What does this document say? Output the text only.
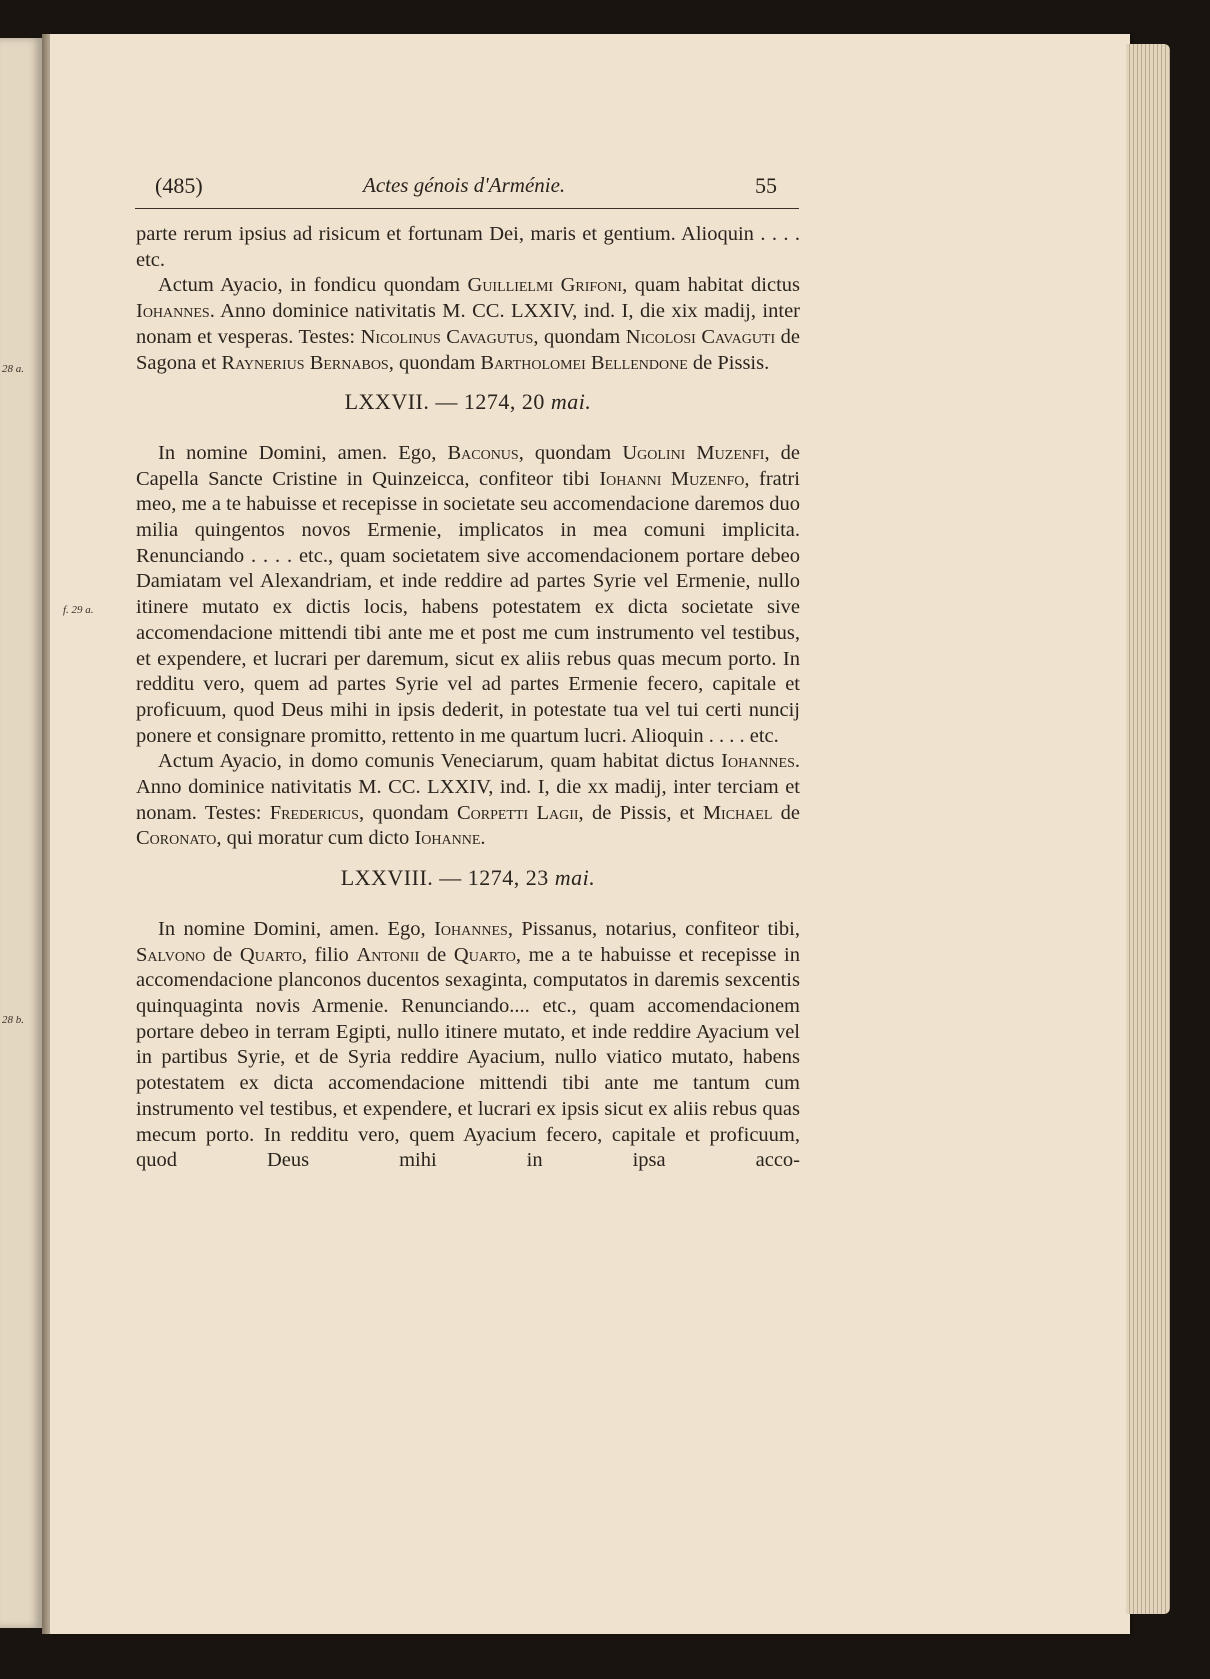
28 a.
f. 29 a.
28 b.
(485)	Actes génois d'Arménie.	55

parte rerum ipsius ad risicum et fortunam Dei, maris et gentium. Alioquin . . . . etc.

Actum Ayacio, in fondicu quondam Guillielmi Grifoni, quam habitat dictus Iohannes. Anno dominice nativitatis M. CC. LXXIV, ind. I, die xix madij, inter nonam et vesperas. Testes: Nicolinus Cavagutus, quondam Nicolosi Cavaguti de Sagona et Raynerius Bernabos, quondam Bartholomei Bellendone de Pissis.

LXXVII. — 1274, 20 mai.

In nomine Domini, amen. Ego, Baconus, quondam Ugolini Muzenfi, de Capella Sancte Cristine in Quinzeicca, confiteor tibi Iohanni Muzenfo, fratri meo, me a te habuisse et recepisse in societate seu accomendacione daremos duo milia quingentos novos Ermenie, implicatos in mea comuni implicita. Renunciando . . . . etc., quam societatem sive accomendacionem portare debeo Damiatam vel Alexandriam, et inde reddire ad partes Syrie vel Ermenie, nullo itinere mutato ex dictis locis, habens potestatem ex dicta societate sive accomendacione mittendi tibi ante me et post me cum instrumento vel testibus, et expendere, et lucrari per daremum, sicut ex aliis rebus quas mecum porto. In redditu vero, quem ad partes Syrie vel ad partes Ermenie fecero, capitale et proficuum, quod Deus mihi in ipsis dederit, in potestate tua vel tui certi nuncij ponere et consignare promitto, rettento in me quartum lucri. Alioquin . . . . etc.

Actum Ayacio, in domo comunis Veneciarum, quam habitat dictus Iohannes. Anno dominice nativitatis M. CC. LXXIV, ind. I, die xx madij, inter terciam et nonam. Testes: Fredericus, quondam Corpetti Lagii, de Pissis, et Michael de Coronato, qui moratur cum dicto Iohanne.

LXXVIII. — 1274, 23 mai.

In nomine Domini, amen. Ego, Iohannes, Pissanus, notarius, confiteor tibi, Salvono de Quarto, filio Antonii de Quarto, me a te habuisse et recepisse in accomendacione planconos ducentos sexaginta, computatos in daremis sexcentis quinquaginta novis Armenie. Renunciando.... etc., quam accomendacionem portare debeo in terram Egipti, nullo itinere mutato, et inde reddire Ayacium vel in partibus Syrie, et de Syria reddire Ayacium, nullo viatico mutato, habens potestatem ex dicta accomendacione mittendi tibi ante me tantum cum instrumento vel testibus, et expendere, et lucrari ex ipsis sicut ex aliis rebus quas mecum porto. In redditu vero, quem Ayacium fecero, capitale et proficuum, quod Deus mihi in ipsa acco-
